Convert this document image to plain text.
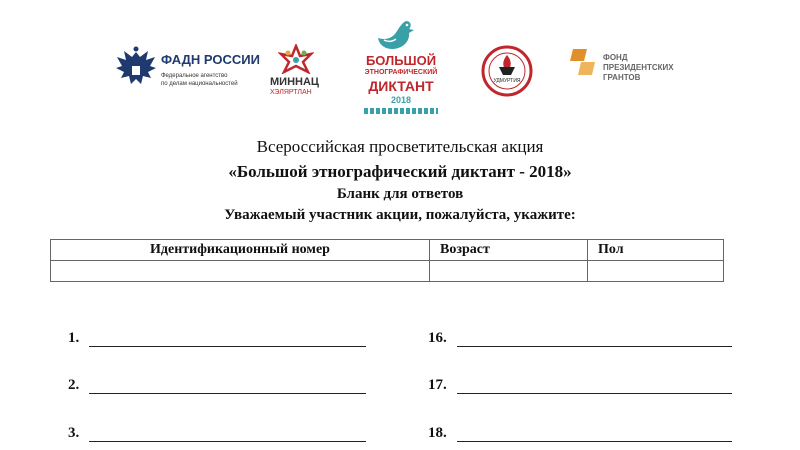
ФАДН РОССИИ
Федеральное агентство
по делам национальностей	МИННАЦ
ХЭЛЯРТЛАН
БОЛЬШОЙ
ЭТНОГРАФИЧЕСКИЙ
ДИКТАНТ
2018
УДМУРТИЯ
ФОНД
ПРЕЗИДЕНТСКИХ
ГРАНТОВ
Всероссийская просветительская акция
«Большой этнографический диктант - 2018»
Бланк для ответов
Уважаемый участник акции, пожалуйста, укажите:
Идентификационный номер	Возраст	Пол

1.
2.
3.
16.
17.
18.
